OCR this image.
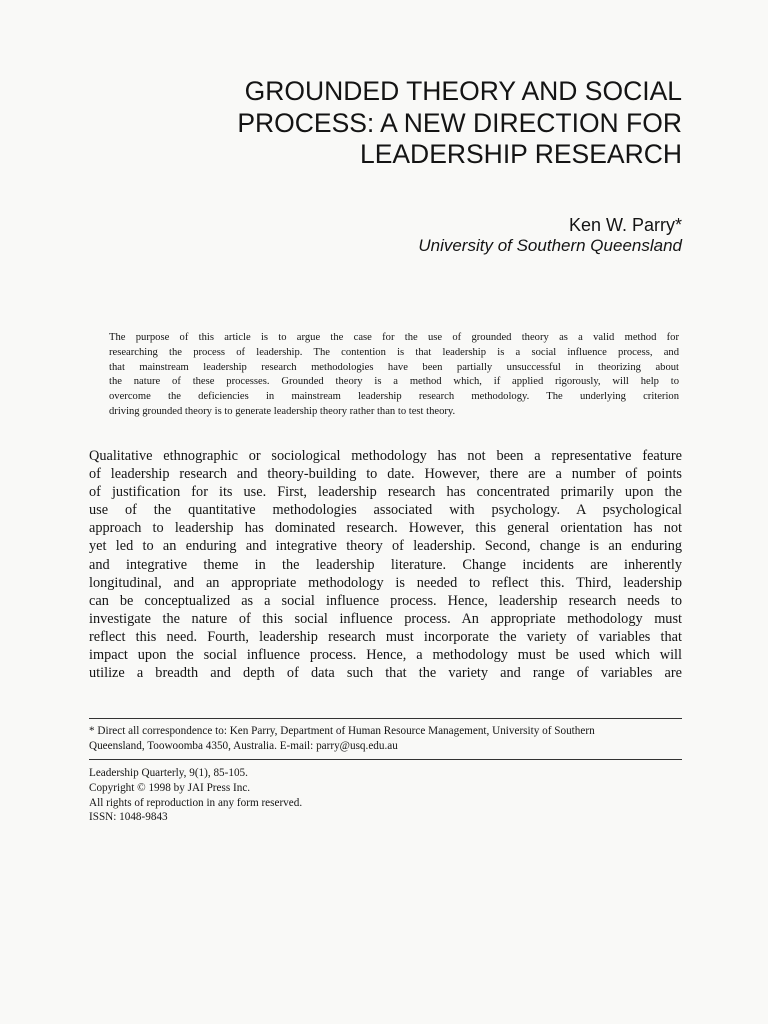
GROUNDED THEORY AND SOCIAL
PROCESS: A NEW DIRECTION FOR
LEADERSHIP RESEARCH
Ken W. Parry*
University of Southern Queensland
The purpose of this article is to argue the case for the use of grounded theory as a valid method for
researching the process of leadership. The contention is that leadership is a social influence process, and
that mainstream leadership research methodologies have been partially unsuccessful in theorizing about
the nature of these processes. Grounded theory is a method which, if applied rigorously, will help to
overcome the deficiencies in mainstream leadership research methodology. The underlying criterion
driving grounded theory is to generate leadership theory rather than to test theory.
Qualitative ethnographic or sociological methodology has not been a representative feature
of leadership research and theory-building to date. However, there are a number of points
of justification for its use. First, leadership research has concentrated primarily upon the
use of the quantitative methodologies associated with psychology. A psychological
approach to leadership has dominated research. However, this general orientation has not
yet led to an enduring and integrative theory of leadership. Second, change is an enduring
and integrative theme in the leadership literature. Change incidents are inherently
longitudinal, and an appropriate methodology is needed to reflect this. Third, leadership
can be conceptualized as a social influence process. Hence, leadership research needs to
investigate the nature of this social influence process. An appropriate methodology must
reflect this need. Fourth, leadership research must incorporate the variety of variables that
impact upon the social influence process. Hence, a methodology must be used which will
utilize a breadth and depth of data such that the variety and range of variables are
* Direct all correspondence to: Ken Parry, Department of Human Resource Management, University of Southern
Queensland, Toowoomba 4350, Australia. E-mail: parry@usq.edu.au
Leadership Quarterly, 9(1), 85-105.
Copyright © 1998 by JAI Press Inc.
All rights of reproduction in any form reserved.
ISSN: 1048-9843
